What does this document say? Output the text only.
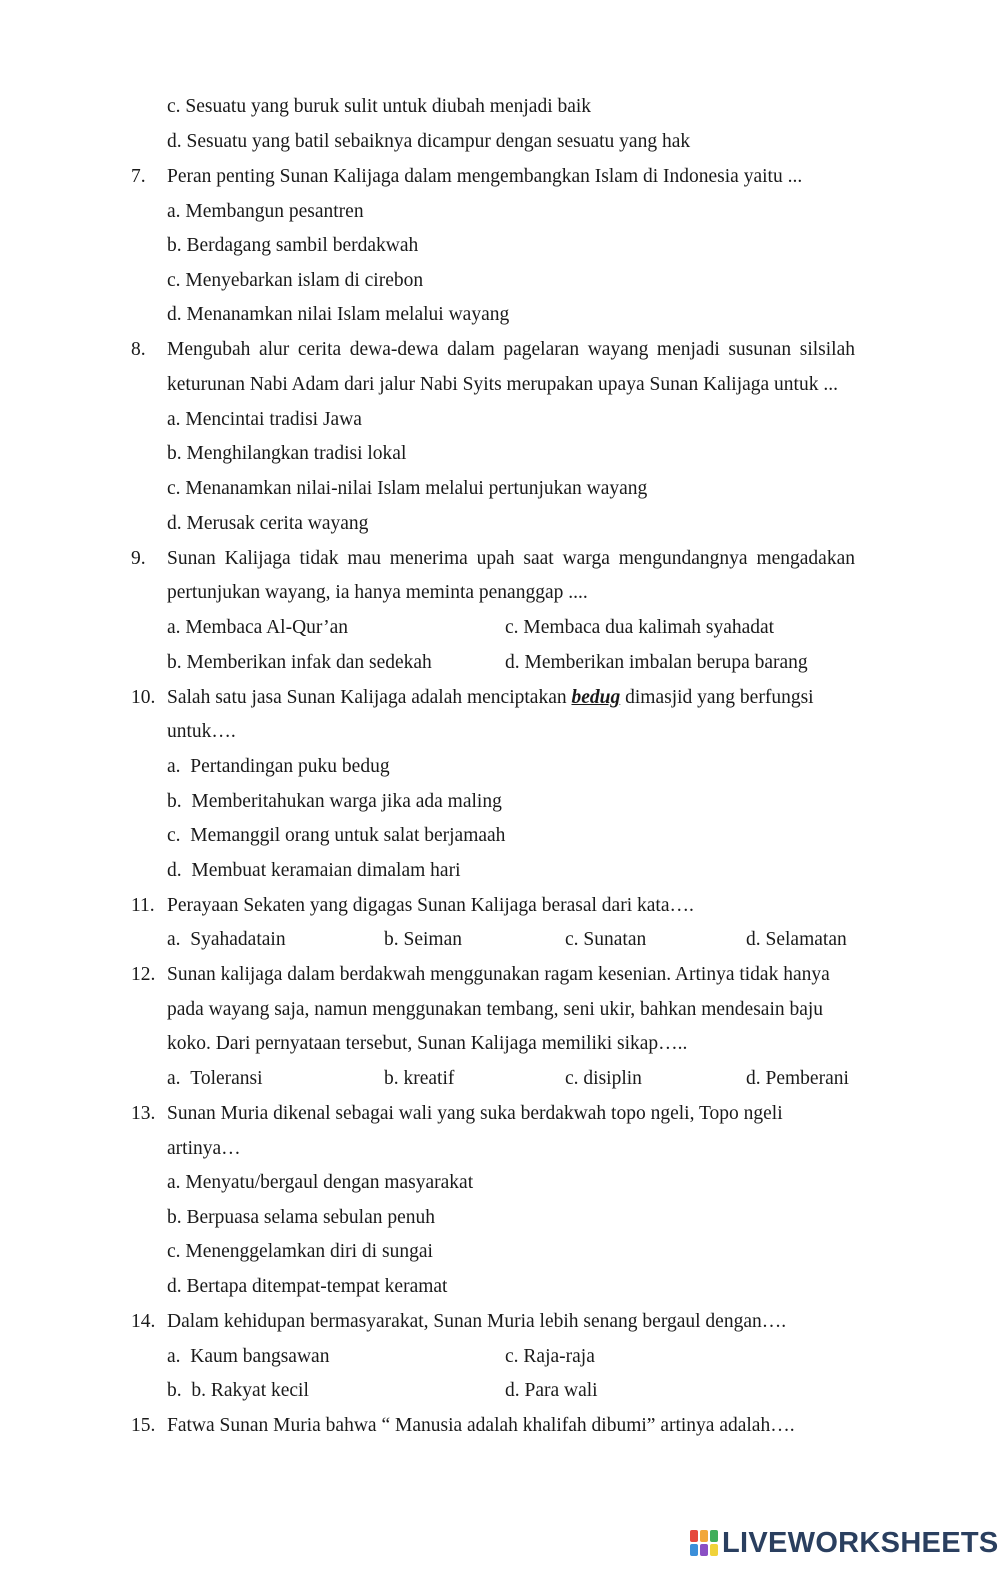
c. Sesuatu yang buruk sulit untuk diubah menjadi baik
d. Sesuatu yang batil sebaiknya dicampur dengan sesuatu yang hak
7. Peran penting Sunan Kalijaga dalam mengembangkan Islam di Indonesia yaitu ...
a. Membangun pesantren
b. Berdagang sambil berdakwah
c. Menyebarkan islam di cirebon
d. Menanamkan nilai Islam melalui wayang
8. Mengubah alur cerita dewa-dewa dalam pagelaran wayang menjadi susunan silsilah
keturunan Nabi Adam dari jalur Nabi Syits merupakan upaya Sunan Kalijaga untuk ...
a. Mencintai tradisi Jawa
b. Menghilangkan tradisi lokal
c. Menanamkan nilai-nilai Islam melalui pertunjukan wayang
d. Merusak cerita wayang
9. Sunan Kalijaga tidak mau menerima upah saat warga mengundangnya mengadakan
pertunjukan wayang, ia hanya meminta penanggap ....
a. Membaca Al-Qur’an	c. Membaca dua kalimah syahadat
b. Memberikan infak dan sedekah	d. Memberikan imbalan berupa barang
10. Salah satu jasa Sunan Kalijaga adalah menciptakan bedug dimasjid yang berfungsi
untuk….
a. Pertandingan puku bedug
b. Memberitahukan warga jika ada maling
c. Memanggil orang untuk salat berjamaah
d. Membuat keramaian dimalam hari
11. Perayaan Sekaten yang digagas Sunan Kalijaga berasal dari kata….
a. Syahadatain	b. Seiman	c. Sunatan	d. Selamatan
12. Sunan kalijaga dalam berdakwah menggunakan ragam kesenian. Artinya tidak hanya
pada wayang saja, namun menggunakan tembang, seni ukir, bahkan mendesain baju
koko. Dari pernyataan tersebut, Sunan Kalijaga memiliki sikap…..
a. Toleransi	b. kreatif	c. disiplin	d. Pemberani
13. Sunan Muria dikenal sebagai wali yang suka berdakwah topo ngeli, Topo ngeli
artinya…
a. Menyatu/bergaul dengan masyarakat
b. Berpuasa selama sebulan penuh
c. Menenggelamkan diri di sungai
d. Bertapa ditempat-tempat keramat
14. Dalam kehidupan bermasyarakat, Sunan Muria lebih senang bergaul dengan….
a. Kaum bangsawan	c. Raja-raja
b. b. Rakyat kecil	d. Para wali
15. Fatwa Sunan Muria bahwa “ Manusia adalah khalifah dibumi” artinya adalah….
LIVEWORKSHEETS
